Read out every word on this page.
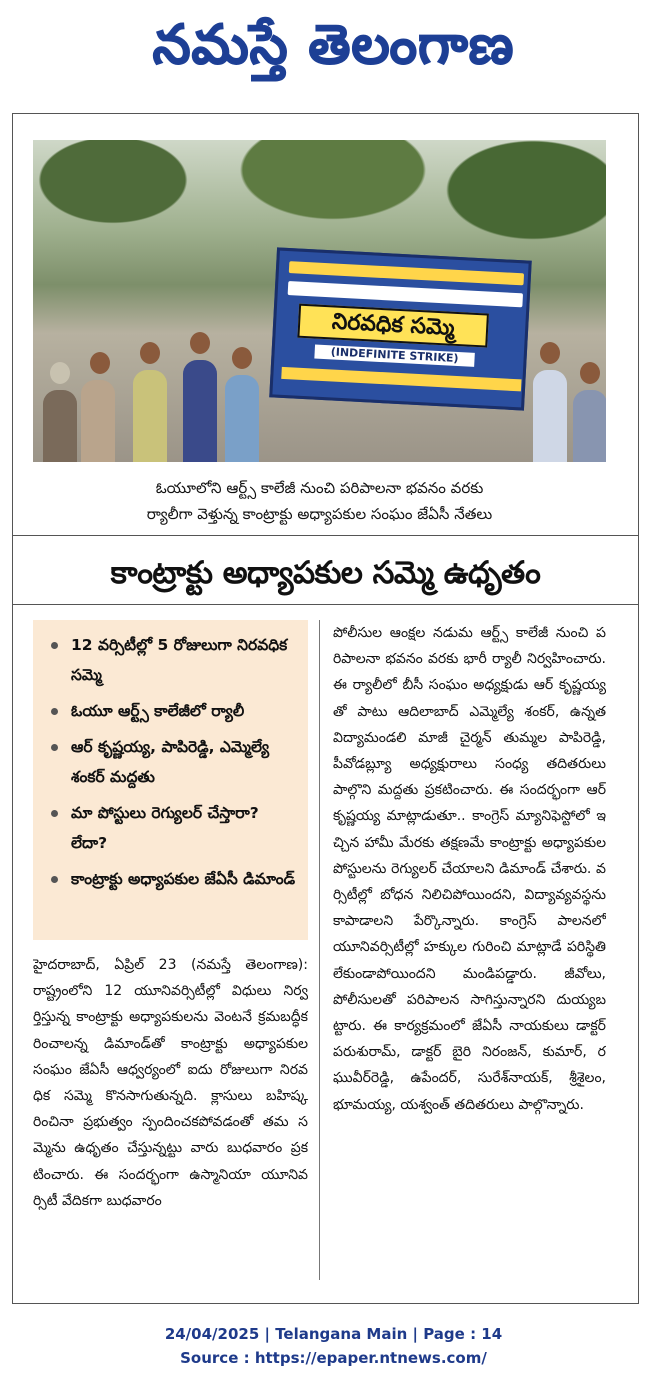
నమస్తే తెలంగాణ
నిరవధిక సమ్మె
(INDEFINITE STRIKE)
ఓయూలోని ఆర్ట్స్ కాలేజీ నుంచి పరిపాలనా భవనం వరకు
ర్యాలీగా వెళ్తున్న కాంట్రాక్టు అధ్యాపకుల సంఘం జేఏసీ నేతలు
కాంట్రాక్టు అధ్యాపకుల సమ్మె ఉధృతం
12 వర్సిటీల్లో 5 రోజులుగా నిరవధిక సమ్మె
ఓయూ ఆర్ట్స్ కాలేజీలో ర్యాలీ
ఆర్ కృష్ణయ్య, పాపిరెడ్డి, ఎమ్మెల్యే శంకర్ మద్దతు
మా పోస్టులు రెగ్యులర్ చేస్తారా? లేదా?
కాంట్రాక్టు అధ్యాపకుల జేఏసీ డిమాండ్
హైదరాబాద్, ఏప్రిల్ 23 (నమస్తే తెలంగాణ): రాష్ట్రంలోని 12 యూనివర్సిటీల్లో విధులు నిర్వర్తిస్తున్న కాంట్రాక్టు అధ్యాపకులను వెంటనే క్రమబద్ధీకరించాలన్న డిమాండ్‌తో కాంట్రాక్టు అధ్యాపకుల సంఘం జేఏసీ ఆధ్వర్యంలో ఐదు రోజులుగా నిరవధిక సమ్మె కొనసాగుతున్నది. క్లాసులు బహిష్కరించినా ప్రభుత్వం స్పందించకపోవడంతో తమ సమ్మెను ఉధృతం చేస్తున్నట్టు వారు బుధవారం ప్రకటించారు. ఈ సందర్భంగా ఉస్మానియా యూనివర్సిటీ వేదికగా బుధవారం
పోలీసుల ఆంక్షల నడుమ ఆర్ట్స్ కాలేజీ నుంచి పరిపాలనా భవనం వరకు భారీ ర్యాలీ నిర్వహించారు. ఈ ర్యాలీలో బీసీ సంఘం అధ్యక్షుడు ఆర్ కృష్ణయ్యతో పాటు ఆదిలాబాద్ ఎమ్మెల్యే శంకర్, ఉన్నత విద్యామండలి మాజీ చైర్మన్ తుమ్మల పాపిరెడ్డి, పీవోడబ్ల్యూ అధ్యక్షురాలు సంధ్య తదితరులు పాల్గొని మద్దతు ప్రకటించారు. ఈ సందర్భంగా ఆర్ కృష్ణయ్య మాట్లాడుతూ.. కాంగ్రెస్ మ్యానిఫెస్టోలో ఇచ్చిన హామీ మేరకు తక్షణమే కాంట్రాక్టు అధ్యాపకుల పోస్టులను రెగ్యులర్ చేయాలని డిమాండ్ చేశారు. వర్సిటీల్లో బోధన నిలిచిపోయిందని, విద్యావ్యవస్థను కాపాడాలని పేర్కొన్నారు. కాంగ్రెస్ పాలనలో యూనివర్సిటీల్లో హక్కుల గురించి మాట్లాడే పరిస్థితి లేకుండాపోయిందని మండిపడ్డారు. జీవోలు, పోలీసులతో పరిపాలన సాగిస్తున్నారని దుయ్యబట్టారు. ఈ కార్యక్రమంలో జేఏసీ నాయకులు డాక్టర్ పరుశురామ్, డాక్టర్ బైరి నిరంజన్, కుమార్, రఘువీర్‌రెడ్డి, ఉపేందర్, సురేశ్‌నాయక్, శ్రీశైలం, భూమయ్య, యశ్వంత్ తదితరులు పాల్గొన్నారు.
24/04/2025 | Telangana Main | Page : 14
Source : https://epaper.ntnews.com/
